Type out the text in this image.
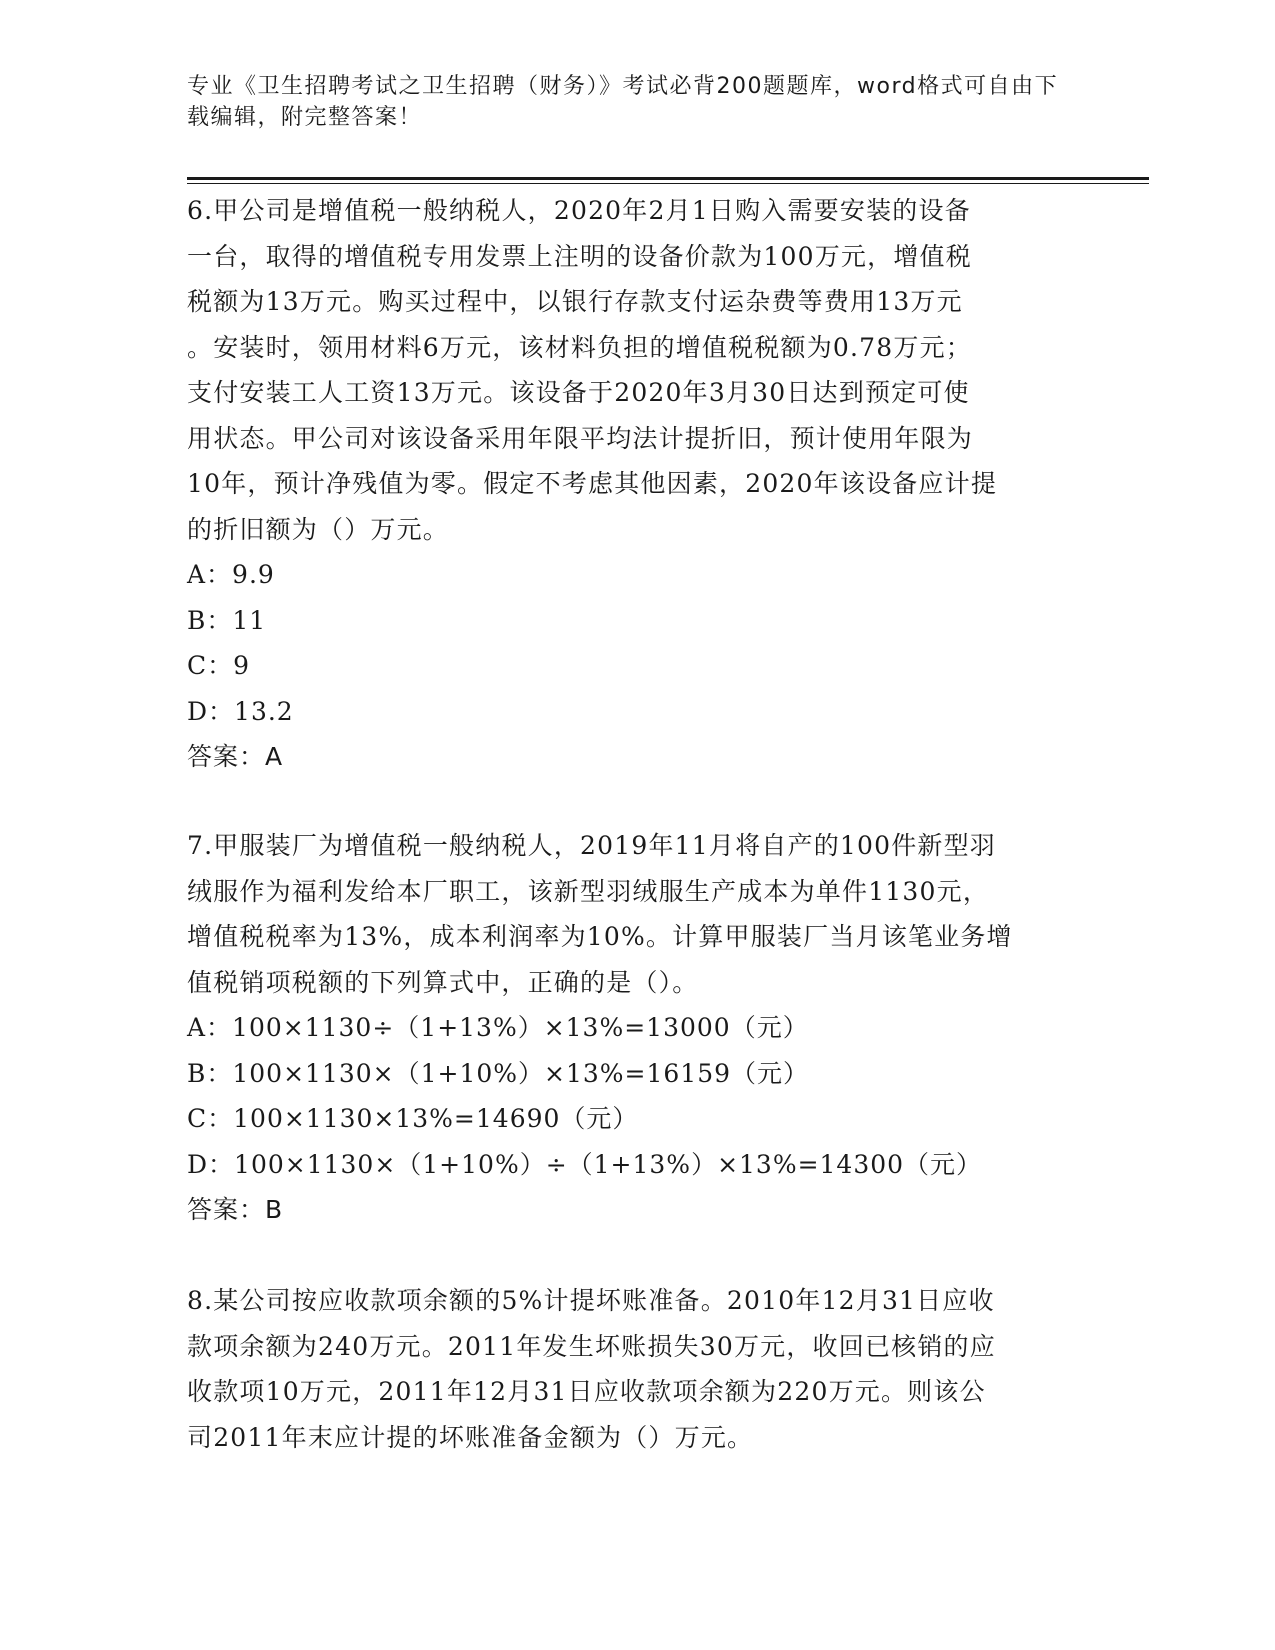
专业《卫生招聘考试之卫生招聘（财务）》考试必背200题题库，word格式可自由下载编辑，附完整答案！

6.甲公司是增值税一般纳税人，2020年2月1日购入需要安装的设备
一台，取得的增值税专用发票上注明的设备价款为100万元，增值税
税额为13万元。购买过程中，以银行存款支付运杂费等费用13万元
。安装时，领用材料6万元，该材料负担的增值税税额为0.78万元；
支付安装工人工资13万元。该设备于2020年3月30日达到预定可使
用状态。甲公司对该设备采用年限平均法计提折旧，预计使用年限为
10年，预计净残值为零。假定不考虑其他因素，2020年该设备应计提
的折旧额为（）万元。

A：9.9

B：11

C：9

D：13.2

答案：A

7.甲服装厂为增值税一般纳税人，2019年11月将自产的100件新型羽
绒服作为福利发给本厂职工，该新型羽绒服生产成本为单件1130元，
增值税税率为13%，成本利润率为10%。计算甲服装厂当月该笔业务增
值税销项税额的下列算式中，正确的是（）。

A：100×1130÷（1+13%）×13%=13000（元）

B：100×1130×（1+10%）×13%=16159（元）

C：100×1130×13%=14690（元）

D：100×1130×（1+10%）÷（1+13%）×13%=14300（元）

答案：B

8.某公司按应收款项余额的5%计提坏账准备。2010年12月31日应收
款项余额为240万元。2011年发生坏账损失30万元，收回已核销的应
收款项10万元，2011年12月31日应收款项余额为220万元。则该公
司2011年末应计提的坏账准备金额为（）万元。
